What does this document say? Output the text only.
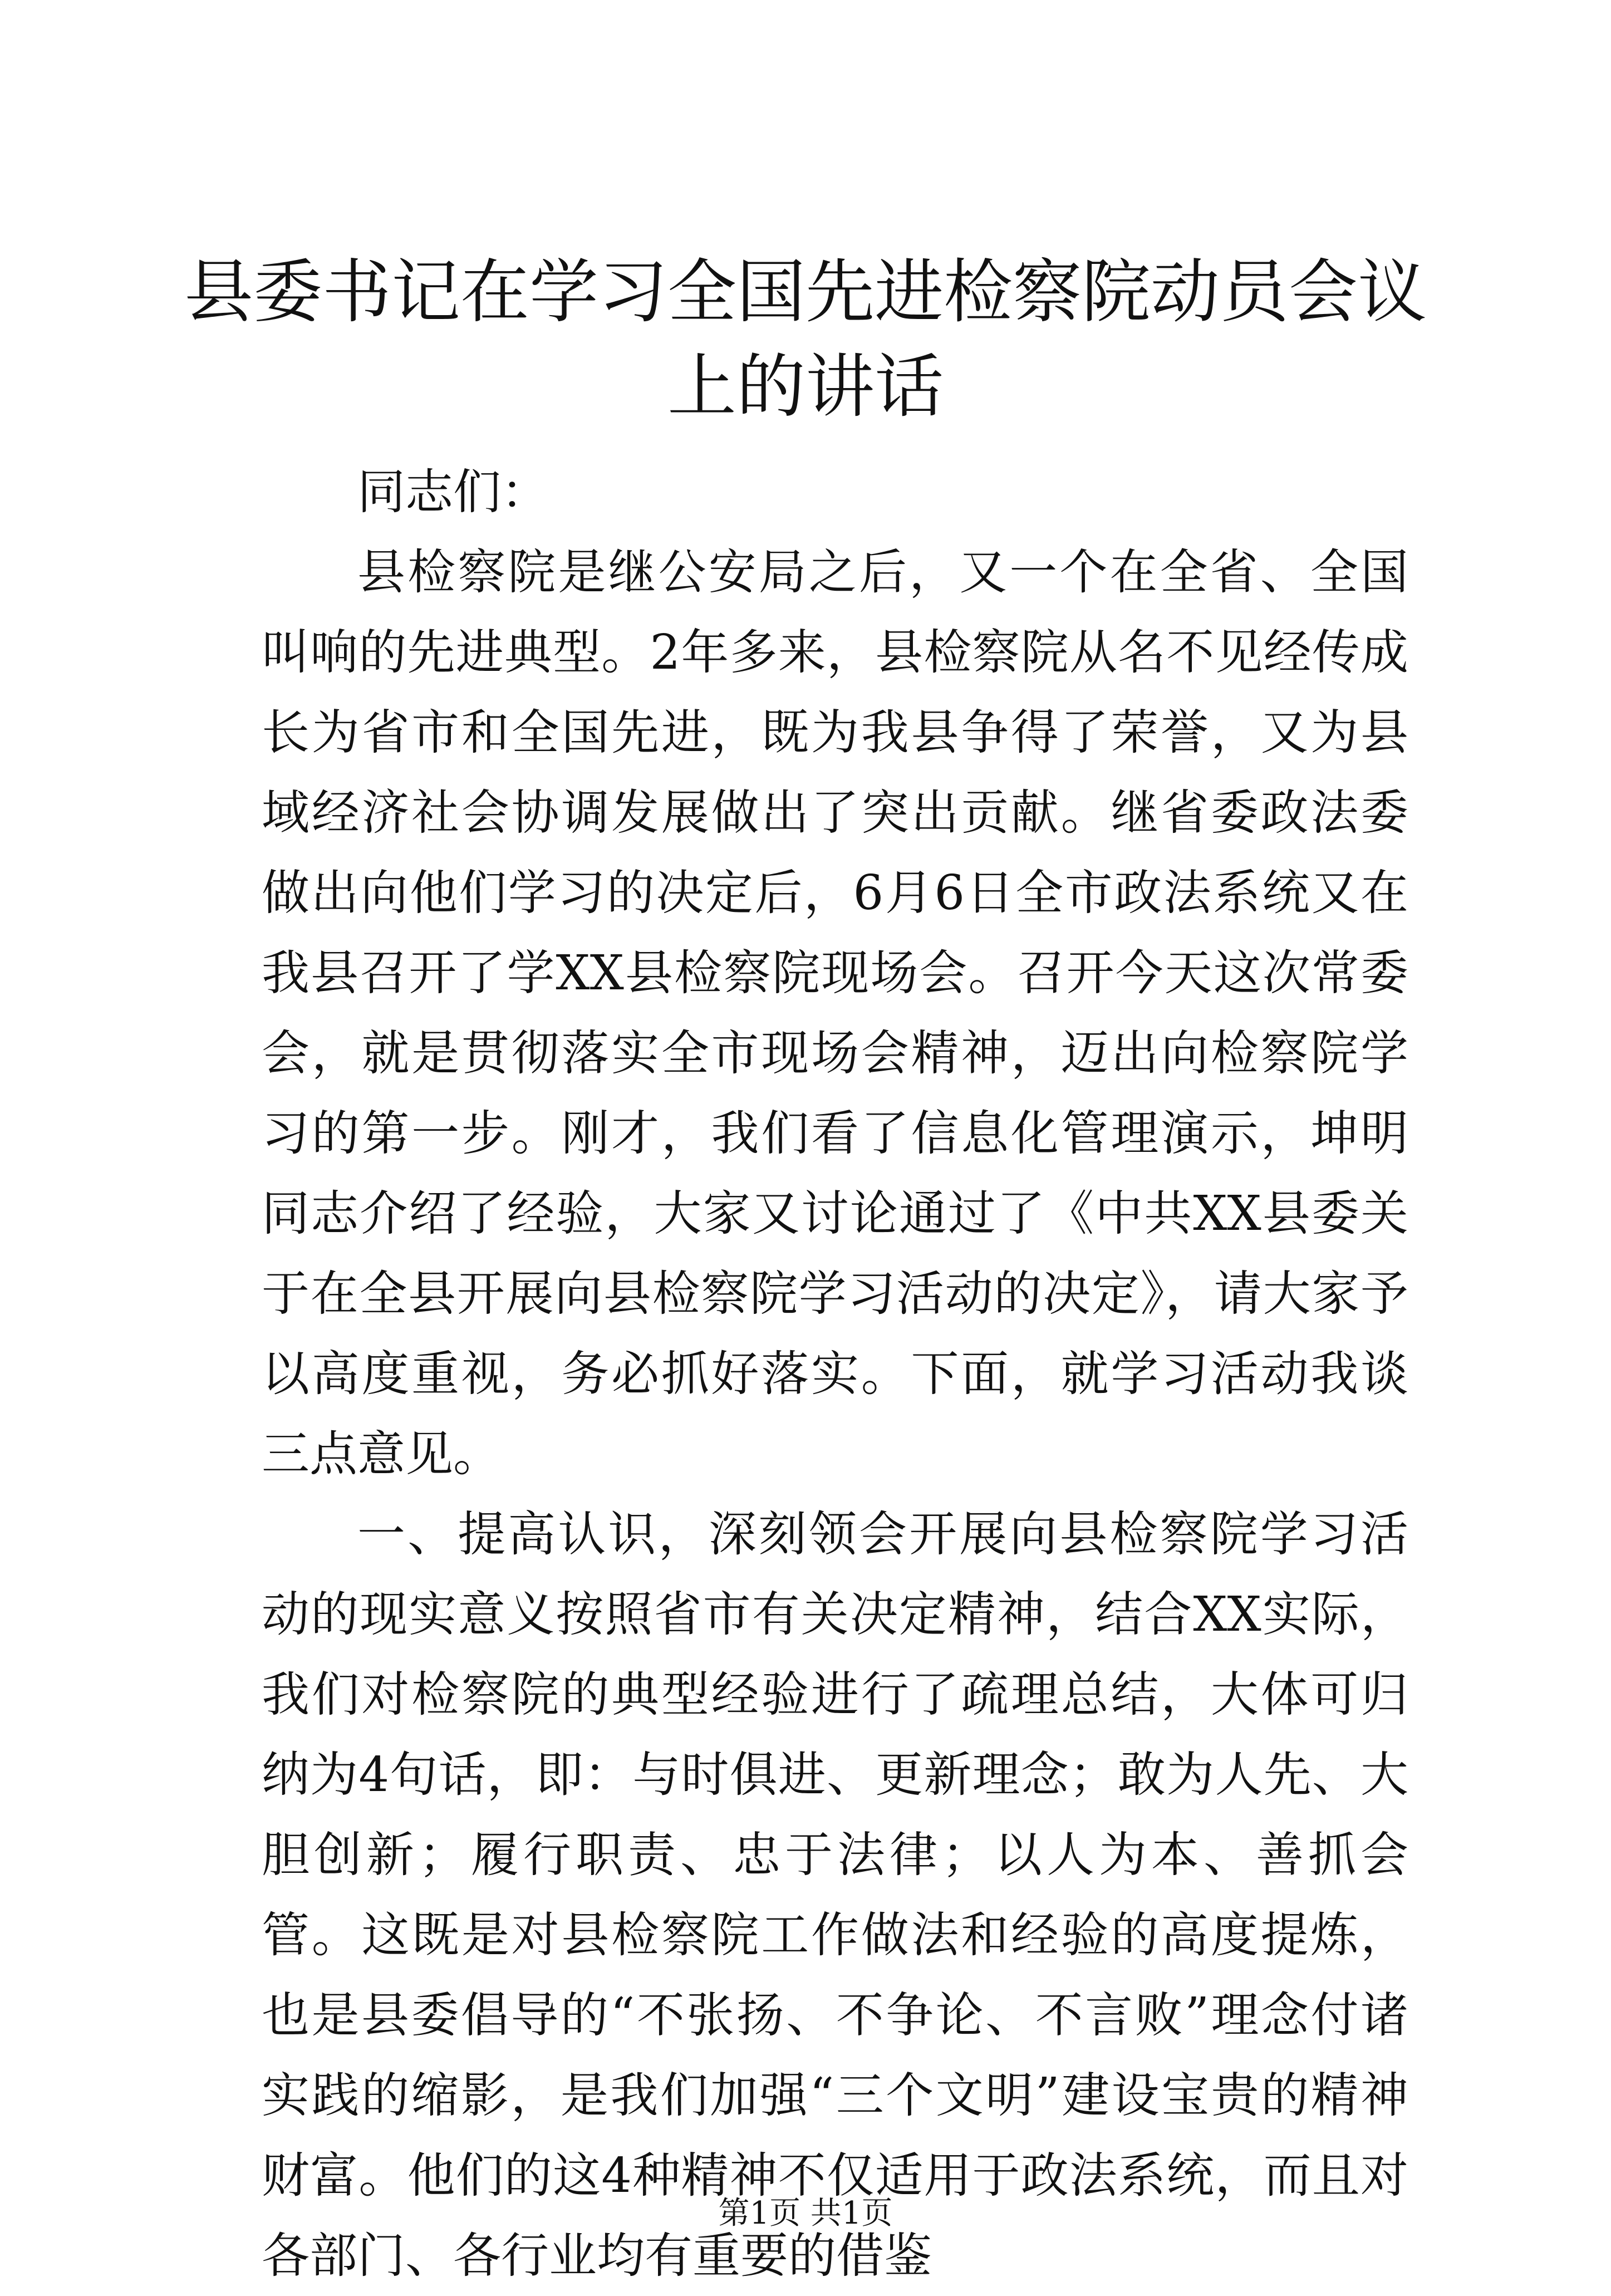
县委书记在学习全国先进检察院动员会议上的讲话

同志们：

县检察院是继公安局之后，又一个在全省、全国叫响的先进典型。2年多来，县检察院从名不见经传成长为省市和全国先进，既为我县争得了荣誉，又为县域经济社会协调发展做出了突出贡献。继省委政法委做出向他们学习的决定后，6月6日全市政法系统又在我县召开了学XX县检察院现场会。召开今天这次常委会，就是贯彻落实全市现场会精神，迈出向检察院学习的第一步。刚才，我们看了信息化管理演示，坤明同志介绍了经验，大家又讨论通过了《中共XX县委关于在全县开展向县检察院学习活动的决定》，请大家予以高度重视，务必抓好落实。下面，就学习活动我谈三点意见。

一、提高认识，深刻领会开展向县检察院学习活动的现实意义按照省市有关决定精神，结合XX实际，我们对检察院的典型经验进行了疏理总结，大体可归纳为4句话，即：与时俱进、更新理念；敢为人先、大胆创新；履行职责、忠于法律；以人为本、善抓会管。这既是对县检察院工作做法和经验的高度提炼，也是县委倡导的“不张扬、不争论、不言败”理念付诸实践的缩影，是我们加强“三个文明”建设宝贵的精神财富。他们的这4种精神不仅适用于政法系统，而且对各部门、各行业均有重要的借鉴

第1页 共1页
